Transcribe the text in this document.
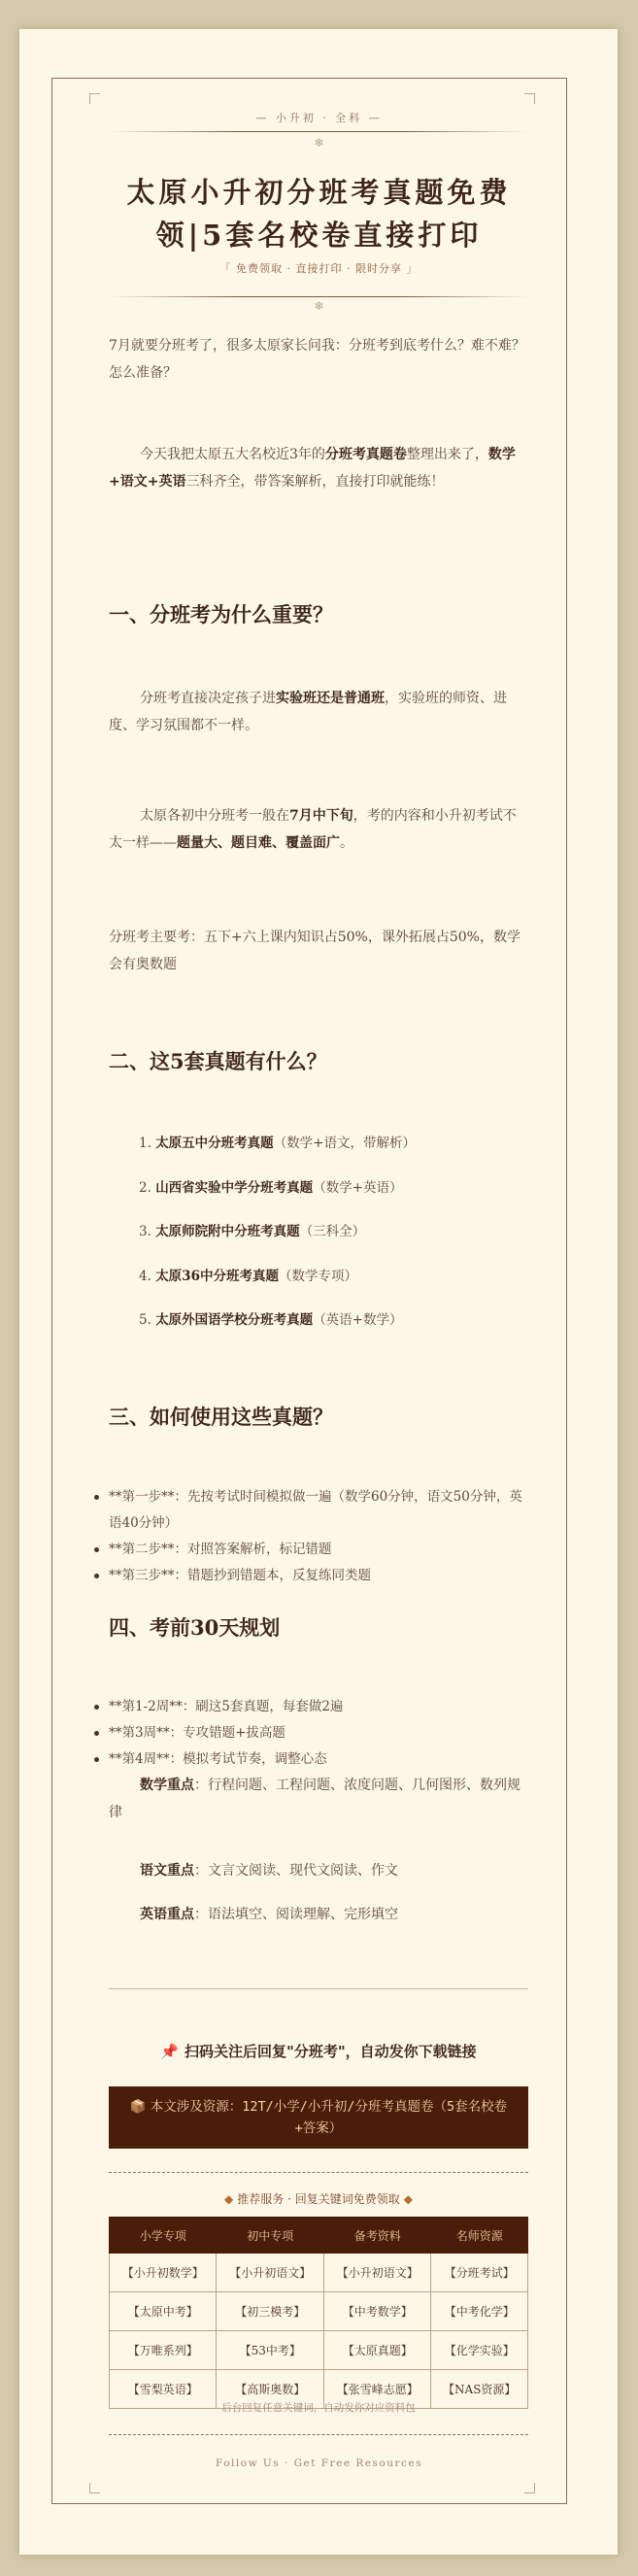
— 小升初 · 全科 —
❄
太原小升初分班考真题免费领|5套名校卷直接打印
「 免费领取 · 直接打印 · 限时分享 」
❄
7月就要分班考了，很多太原家长问我：分班考到底考什么？难不难？怎么准备？
今天我把太原五大名校近3年的分班考真题卷整理出来了，数学+语文+英语三科齐全，带答案解析，直接打印就能练！
一、分班考为什么重要？
分班考直接决定孩子进实验班还是普通班，实验班的师资、进度、学习氛围都不一样。
太原各初中分班考一般在7月中下旬，考的内容和小升初考试不太一样——题量大、题目难、覆盖面广。
分班考主要考：五下+六上课内知识占50%，课外拓展占50%，数学会有奥数题
二、这5套真题有什么？
1. 太原五中分班考真题（数学+语文，带解析）
2. 山西省实验中学分班考真题（数学+英语）
3. 太原师院附中分班考真题（三科全）
4. 太原36中分班考真题（数学专项）
5. 太原外国语学校分班考真题（英语+数学）
三、如何使用这些真题？
**第一步**：先按考试时间模拟做一遍（数学60分钟，语文50分钟，英语40分钟）
**第二步**：对照答案解析，标记错题
**第三步**：错题抄到错题本，反复练同类题
四、考前30天规划
**第1-2周**：刷这5套真题，每套做2遍
**第3周**：专攻错题+拔高题
**第4周**：模拟考试节奏，调整心态
数学重点：行程问题、工程问题、浓度问题、几何图形、数列规律
语文重点：文言文阅读、现代文阅读、作文
英语重点：语法填空、阅读理解、完形填空
📌 扫码关注后回复"分班考"，自动发你下载链接
📦 本文涉及资源：12T/小学/小升初/分班考真题卷（5套名校卷+答案）
◆ 推荐服务 · 回复关键词免费领取 ◆
小学专项	初中专项	备考资料	名师资源
【小升初数学】	【小升初语文】	【小升初语文】	【分班考试】
【太原中考】	【初三模考】	【中考数学】	【中考化学】
【万唯系列】	【53中考】	【太原真题】	【化学实验】
【雪梨英语】	【高斯奥数】	【张雪峰志愿】	【NAS资源】
后台回复任意关键词，自动发你对应资料包
Follow Us · Get Free Resources
